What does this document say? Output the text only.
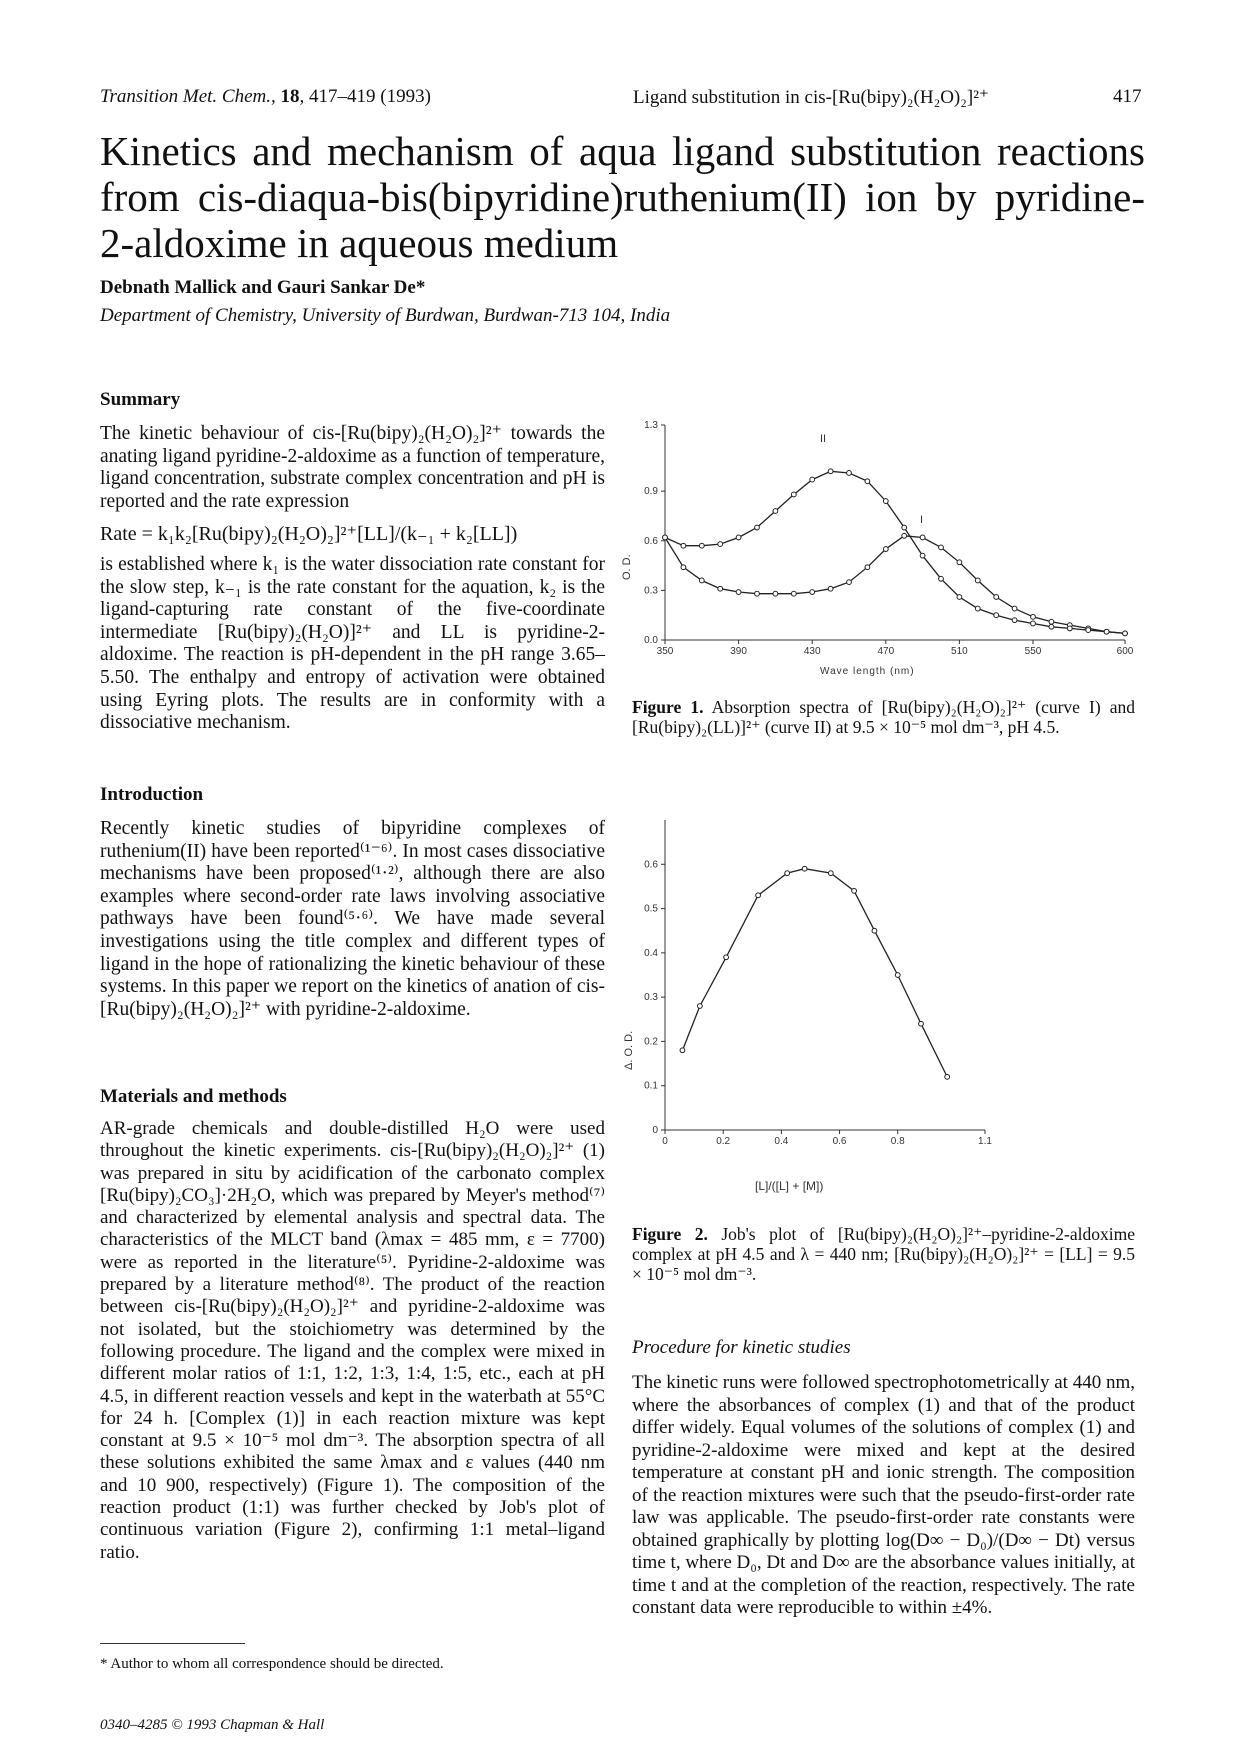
Transition Met. Chem., 18, 417–419 (1993)	Ligand substitution in cis-[Ru(bipy)₂(H₂O)₂]²⁺	417
Kinetics and mechanism of aqua ligand substitution reactions from cis-diaqua-bis(bipyridine)ruthenium(II) ion by pyridine-2-aldoxime in aqueous medium
Debnath Mallick and Gauri Sankar De*
Department of Chemistry, University of Burdwan, Burdwan-713 104, India
Summary

The kinetic behaviour of cis-[Ru(bipy)₂(H₂O)₂]²⁺ towards the anating ligand pyridine-2-aldoxime as a function of temperature, ligand concentration, substrate complex concentration and pH is reported and the rate expression

Rate = k₁k₂[Ru(bipy)₂(H₂O)₂]²⁺[LL]/(k₋₁ + k₂[LL])

is established where k₁ is the water dissociation rate constant for the slow step, k₋₁ is the rate constant for the aquation, k₂ is the ligand-capturing rate constant of the five-coordinate intermediate [Ru(bipy)₂(H₂O)]²⁺ and LL is pyridine-2-aldoxime. The reaction is pH-dependent in the pH range 3.65–5.50. The enthalpy and entropy of activation were obtained using Eyring plots. The results are in conformity with a dissociative mechanism.

Introduction
Recently kinetic studies of bipyridine complexes of ruthenium(II) have been reported⁽¹⁻⁶⁾. In most cases dissociative mechanisms have been proposed⁽¹·²⁾, although there are also examples where second-order rate laws involving associative pathways have been found⁽⁵·⁶⁾. We have made several investigations using the title complex and different types of ligand in the hope of rationalizing the kinetic behaviour of these systems. In this paper we report on the kinetics of anation of cis-[Ru(bipy)₂(H₂O)₂]²⁺ with pyridine-2-aldoxime.
Materials and methods
AR-grade chemicals and double-distilled H₂O were used throughout the kinetic experiments. cis-[Ru(bipy)₂(H₂O)₂]²⁺ (1) was prepared in situ by acidification of the carbonato complex [Ru(bipy)₂CO₃]·2H₂O, which was prepared by Meyer's method⁽⁷⁾ and characterized by elemental analysis and spectral data. The characteristics of the MLCT band (λmax = 485 mm, ε = 7700) were as reported in the literature⁽⁵⁾. Pyridine-2-aldoxime was prepared by a literature method⁽⁸⁾. The product of the reaction between cis-[Ru(bipy)₂(H₂O)₂]²⁺ and pyridine-2-aldoxime was not isolated, but the stoichiometry was determined by the following procedure. The ligand and the complex were mixed in different molar ratios of 1:1, 1:2, 1:3, 1:4, 1:5, etc., each at pH 4.5, in different reaction vessels and kept in the waterbath at 55°C for 24 h. [Complex (1)] in each reaction mixture was kept constant at 9.5 × 10⁻⁵ mol dm⁻³. The absorption spectra of all these solutions exhibited the same λmax and ε values (440 nm and 10 900, respectively) (Figure 1). The composition of the reaction product (1:1) was further checked by Job's plot of continuous variation (Figure 2), confirming 1:1 metal–ligand ratio.
* Author to whom all correspondence should be directed.
0340–4285 © 1993 Chapman & Hall
350	390	430	470	510	550	600
0.0
0.3
0.6
0.9
1.3
O. D.
Wave length (nm)
II
I
Figure 1. Absorption spectra of [Ru(bipy)₂(H₂O)₂]²⁺ (curve I) and [Ru(bipy)₂(LL)]²⁺ (curve II) at 9.5 × 10⁻⁵ mol dm⁻³, pH 4.5.
0	0.2	0.4	0.6	0.8	1.1
0
0.1
0.2
0.3
0.4
0.5
0.6
Δ. O. D.
[L]/([L] + [M])
Figure 2. Job's plot of [Ru(bipy)₂(H₂O)₂]²⁺–pyridine-2-aldoxime complex at pH 4.5 and λ = 440 nm; [Ru(bipy)₂(H₂O)₂]²⁺ = [LL] = 9.5 × 10⁻⁵ mol dm⁻³.
Procedure for kinetic studies
The kinetic runs were followed spectrophotometrically at 440 nm, where the absorbances of complex (1) and that of the product differ widely. Equal volumes of the solutions of complex (1) and pyridine-2-aldoxime were mixed and kept at the desired temperature at constant pH and ionic strength. The composition of the reaction mixtures were such that the pseudo-first-order rate law was applicable. The pseudo-first-order rate constants were obtained graphically by plotting log(D∞ − D₀)/(D∞ − Dt) versus time t, where D₀, Dt and D∞ are the absorbance values initially, at time t and at the completion of the reaction, respectively. The rate constant data were reproducible to within ±4%.
